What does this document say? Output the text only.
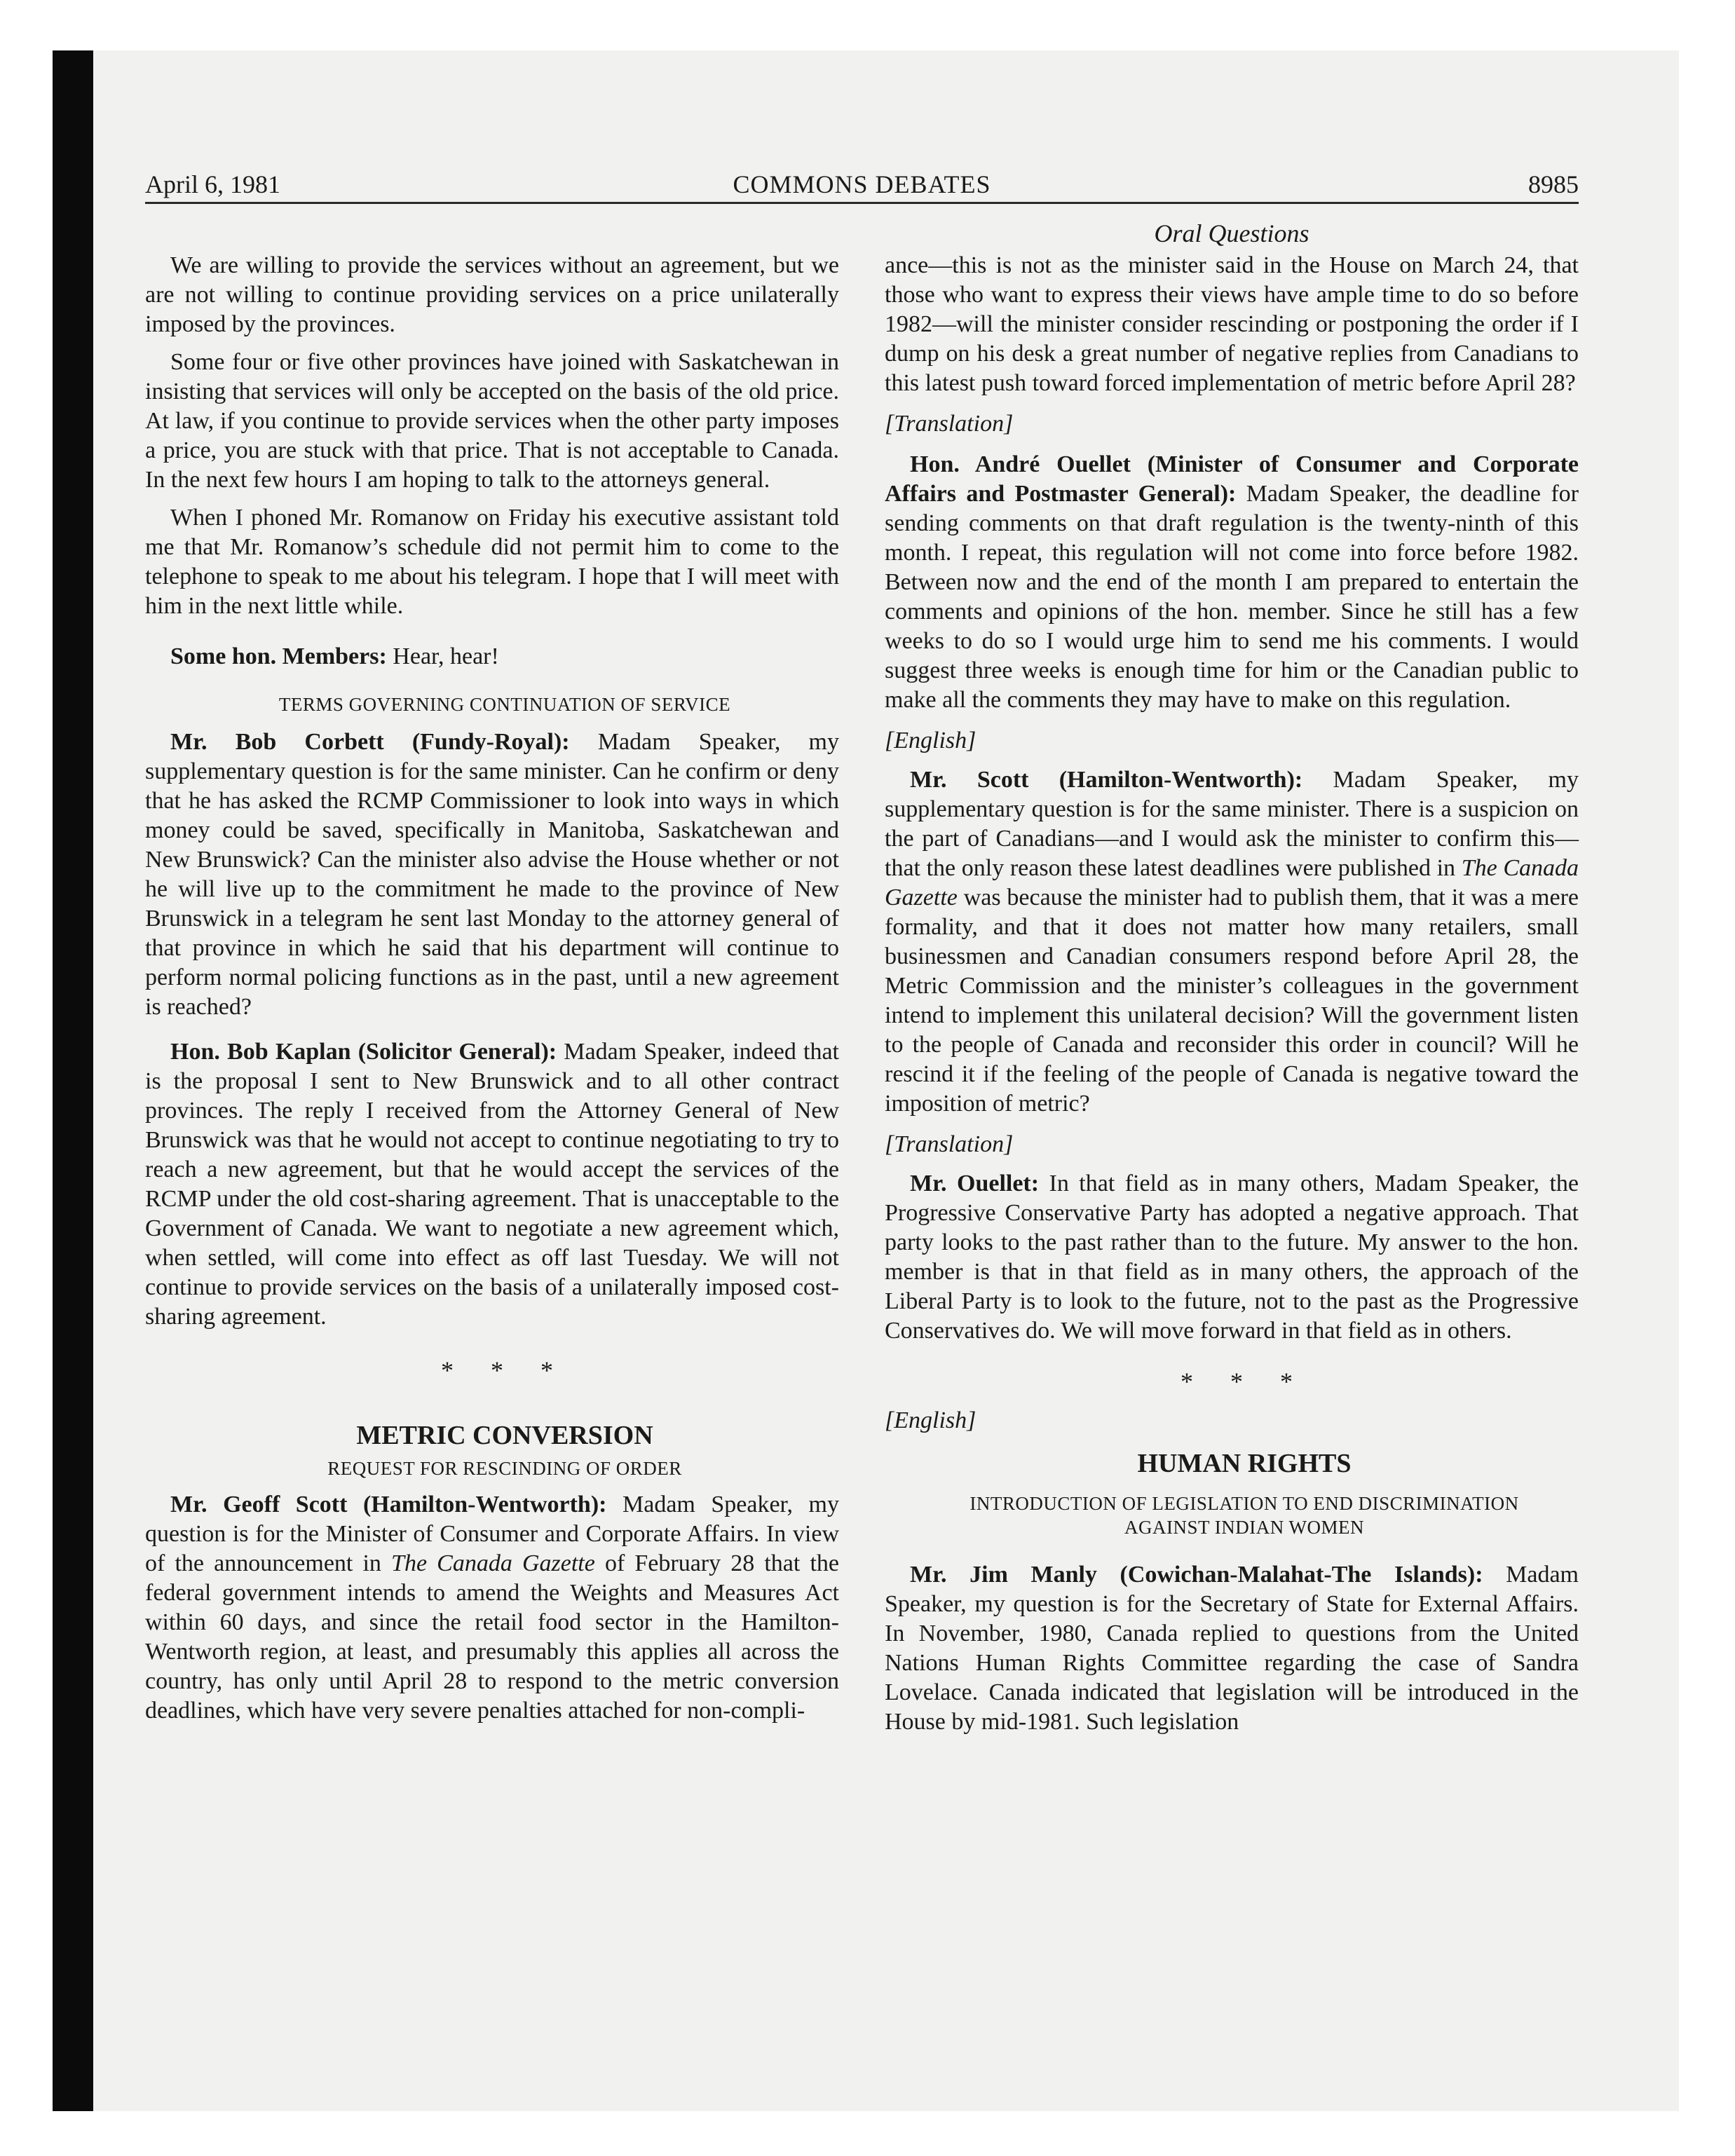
April 6, 1981	COMMONS DEBATES	8985
Oral Questions

We are willing to provide the services without an agreement, but we are not willing to continue providing services on a price unilaterally imposed by the provinces.

Some four or five other provinces have joined with Saskatchewan in insisting that services will only be accepted on the basis of the old price. At law, if you continue to provide services when the other party imposes a price, you are stuck with that price. That is not acceptable to Canada. In the next few hours I am hoping to talk to the attorneys general.

When I phoned Mr. Romanow on Friday his executive assistant told me that Mr. Romanow’s schedule did not permit him to come to the telephone to speak to me about his telegram. I hope that I will meet with him in the next little while.

Some hon. Members: Hear, hear!

TERMS GOVERNING CONTINUATION OF SERVICE

Mr. Bob Corbett (Fundy-Royal): Madam Speaker, my supplementary question is for the same minister. Can he confirm or deny that he has asked the RCMP Commissioner to look into ways in which money could be saved, specifically in Manitoba, Saskatchewan and New Brunswick? Can the minister also advise the House whether or not he will live up to the commitment he made to the province of New Brunswick in a telegram he sent last Monday to the attorney general of that province in which he said that his department will continue to perform normal policing functions as in the past, until a new agreement is reached?

Hon. Bob Kaplan (Solicitor General): Madam Speaker, indeed that is the proposal I sent to New Brunswick and to all other contract provinces. The reply I received from the Attorney General of New Brunswick was that he would not accept to continue negotiating to try to reach a new agreement, but that he would accept the services of the RCMP under the old cost-sharing agreement. That is unacceptable to the Government of Canada. We want to negotiate a new agreement which, when settled, will come into effect as off last Tuesday. We will not continue to provide services on the basis of a unilaterally imposed cost-sharing agreement.

* * *

METRIC CONVERSION

REQUEST FOR RESCINDING OF ORDER

Mr. Geoff Scott (Hamilton-Wentworth): Madam Speaker, my question is for the Minister of Consumer and Corporate Affairs. In view of the announcement in The Canada Gazette of February 28 that the federal government intends to amend the Weights and Measures Act within 60 days, and since the retail food sector in the Hamilton-Wentworth region, at least, and presumably this applies all across the country, has only until April 28 to respond to the metric conversion deadlines, which have very severe penalties attached for non-compli-

ance—this is not as the minister said in the House on March 24, that those who want to express their views have ample time to do so before 1982—will the minister consider rescinding or postponing the order if I dump on his desk a great number of negative replies from Canadians to this latest push toward forced implementation of metric before April 28?

[Translation]

Hon. André Ouellet (Minister of Consumer and Corporate Affairs and Postmaster General): Madam Speaker, the deadline for sending comments on that draft regulation is the twenty-ninth of this month. I repeat, this regulation will not come into force before 1982. Between now and the end of the month I am prepared to entertain the comments and opinions of the hon. member. Since he still has a few weeks to do so I would urge him to send me his comments. I would suggest three weeks is enough time for him or the Canadian public to make all the comments they may have to make on this regulation.

[English]

Mr. Scott (Hamilton-Wentworth): Madam Speaker, my supplementary question is for the same minister. There is a suspicion on the part of Canadians—and I would ask the minister to confirm this—that the only reason these latest deadlines were published in The Canada Gazette was because the minister had to publish them, that it was a mere formality, and that it does not matter how many retailers, small businessmen and Canadian consumers respond before April 28, the Metric Commission and the minister’s colleagues in the government intend to implement this unilateral decision? Will the government listen to the people of Canada and reconsider this order in council? Will he rescind it if the feeling of the people of Canada is negative toward the imposition of metric?

[Translation]

Mr. Ouellet: In that field as in many others, Madam Speaker, the Progressive Conservative Party has adopted a negative approach. That party looks to the past rather than to the future. My answer to the hon. member is that in that field as in many others, the approach of the Liberal Party is to look to the future, not to the past as the Progressive Conservatives do. We will move forward in that field as in others.

* * *

[English]

HUMAN RIGHTS

INTRODUCTION OF LEGISLATION TO END DISCRIMINATION

AGAINST INDIAN WOMEN

Mr. Jim Manly (Cowichan-Malahat-The Islands): Madam Speaker, my question is for the Secretary of State for External Affairs. In November, 1980, Canada replied to questions from the United Nations Human Rights Committee regarding the case of Sandra Lovelace. Canada indicated that legislation will be introduced in the House by mid-1981. Such legislation
